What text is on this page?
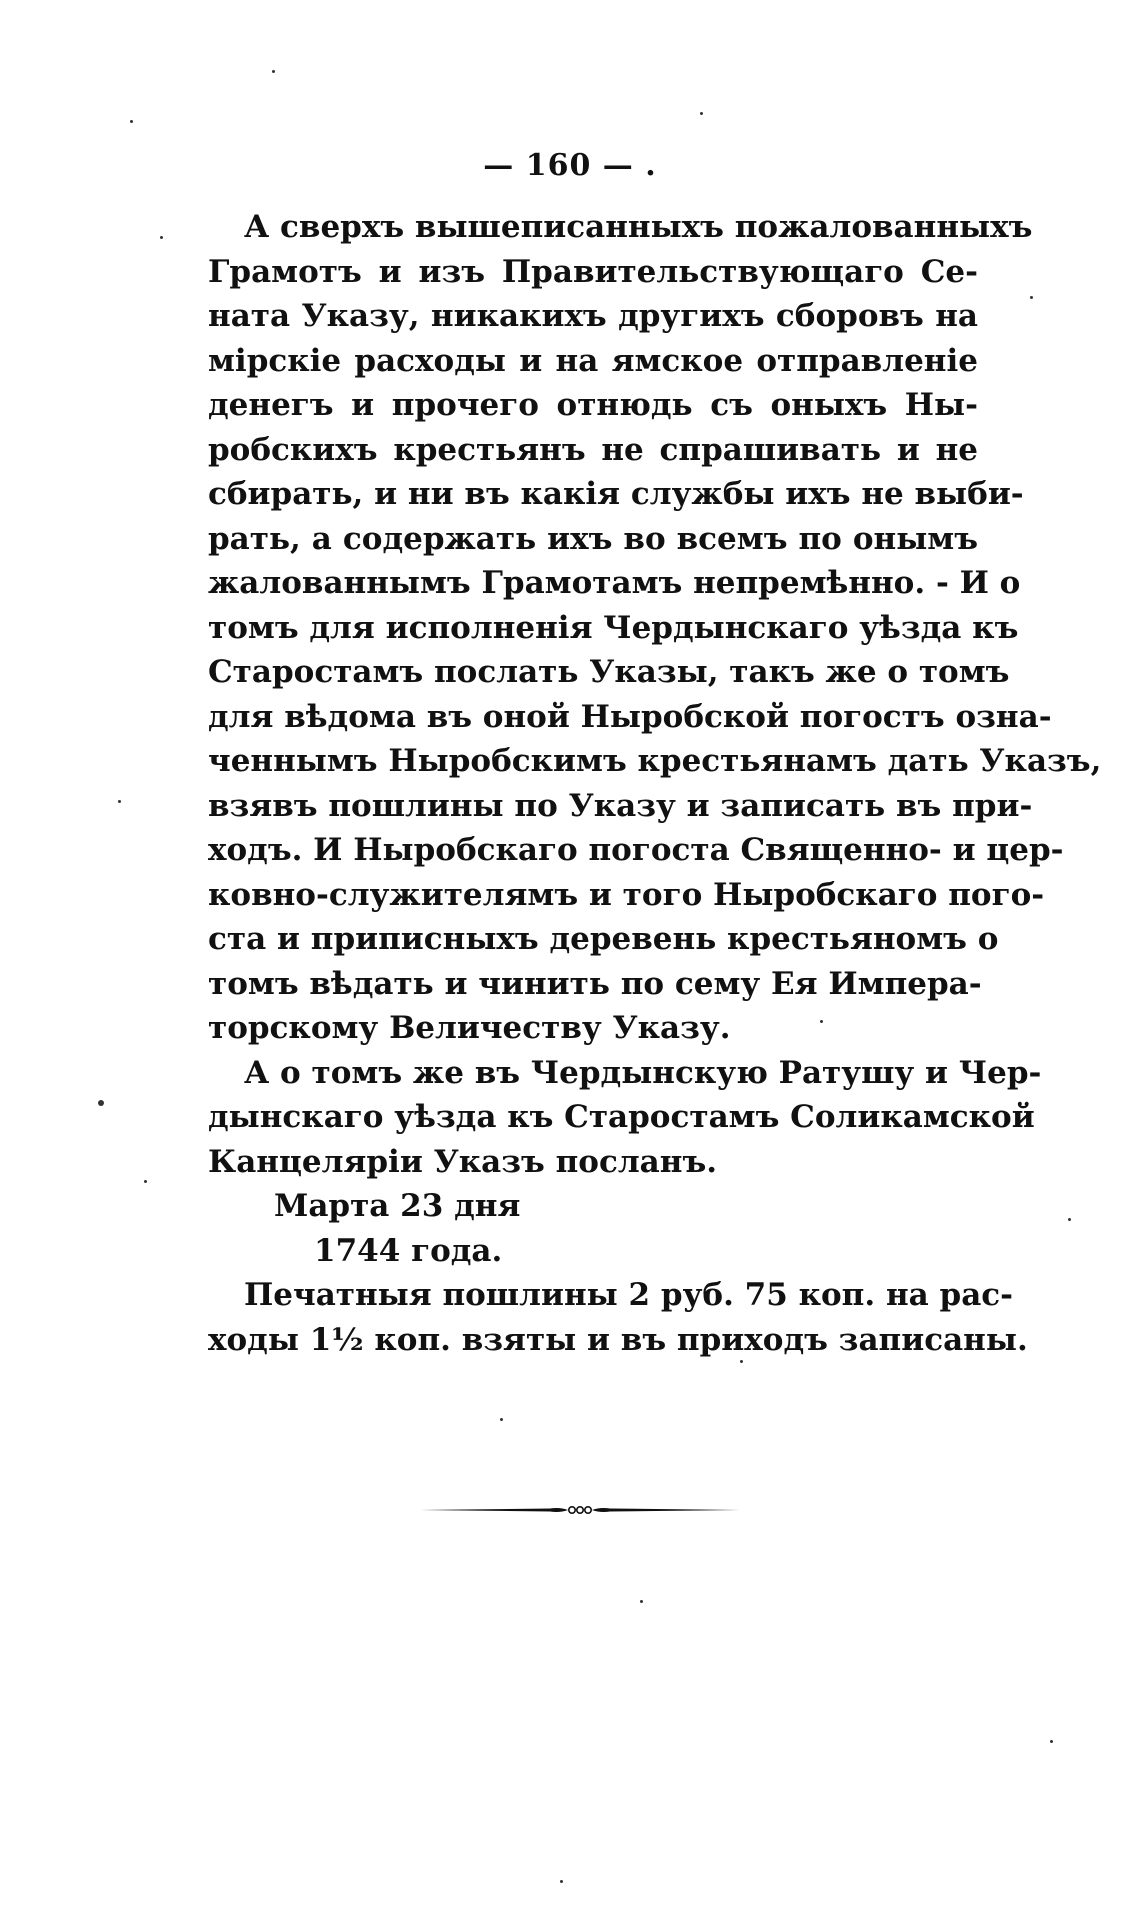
— 160 — .
А сверхъ вышеписанныхъ пожалованныхъ
Грамотъ и изъ Правительствующаго Се-
ната Указу, никакихъ другихъ сборовъ на
мірскіе расходы и на ямское отправленіе
денегъ и прочего отнюдь съ оныхъ Ны-
робскихъ крестьянъ не спрашивать и не
сбирать, и ни въ какія службы ихъ не выби-
рать, а содержать ихъ во всемъ по онымъ
жалованнымъ Грамотамъ непремѣнно. - И о
томъ для исполненія Чердынскаго уѣзда къ
Старостамъ послать Указы, такъ же о томъ
для вѣдома въ оной Ныробской погостъ озна-
ченнымъ Ныробскимъ крестьянамъ дать Указъ,
взявъ пошлины по Указу и записать въ при-
ходъ. И Ныробскаго погоста Священно- и цер-
ковно-служителямъ и того Ныробскаго пого-
ста и приписныхъ деревень крестьяномъ о
томъ вѣдать и чинить по сему Ея Импера-
торскому Величеству Указу.
А о томъ же въ Чердынскую Ратушу и Чер-
дынскаго уѣзда къ Старостамъ Соликамской
Канцеляріи Указъ посланъ.
Марта 23 дня
1744 года.
Печатныя пошлины 2 руб. 75 коп. на рас-
ходы 1½ коп. взяты и въ приходъ записаны.
